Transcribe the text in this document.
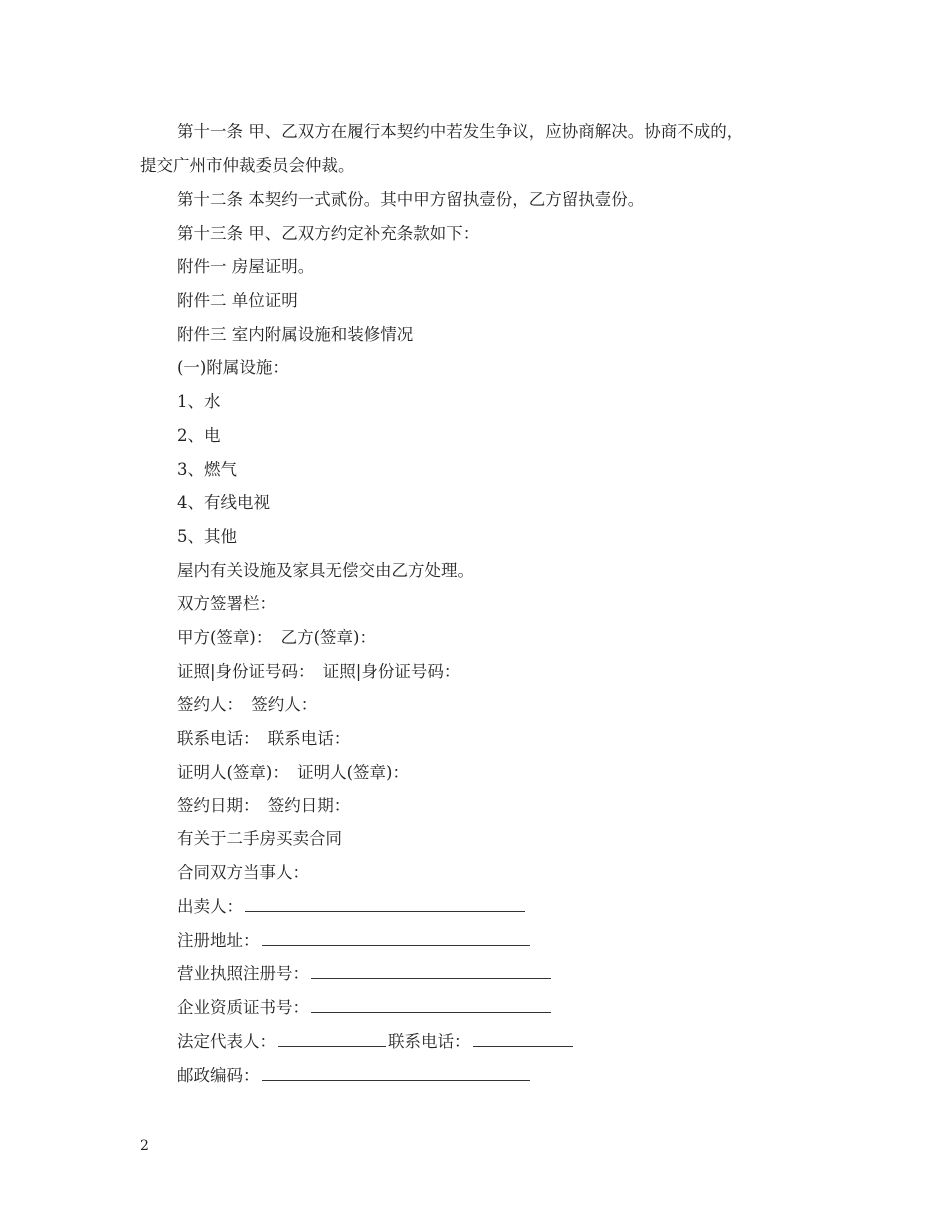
第十一条 甲、乙双方在履行本契约中若发生争议，应协商解决。协商不成的，
提交广州市仲裁委员会仲裁。
第十二条 本契约一式贰份。其中甲方留执壹份，乙方留执壹份。
第十三条 甲、乙双方约定补充条款如下：
附件一 房屋证明。
附件二 单位证明
附件三 室内附属设施和装修情况
(一)附属设施：
1、水
2、电
3、燃气
4、有线电视
5、其他
屋内有关设施及家具无偿交由乙方处理。
双方签署栏：
甲方(签章)：　乙方(签章)：
证照|身份证号码：　证照|身份证号码：
签约人：　签约人：
联系电话：　联系电话：
证明人(签章)：　证明人(签章)：
签约日期：　签约日期：
有关于二手房买卖合同
合同双方当事人：
出卖人：
注册地址：
营业执照注册号：
企业资质证书号：
法定代表人：	联系电话：
邮政编码：
2
